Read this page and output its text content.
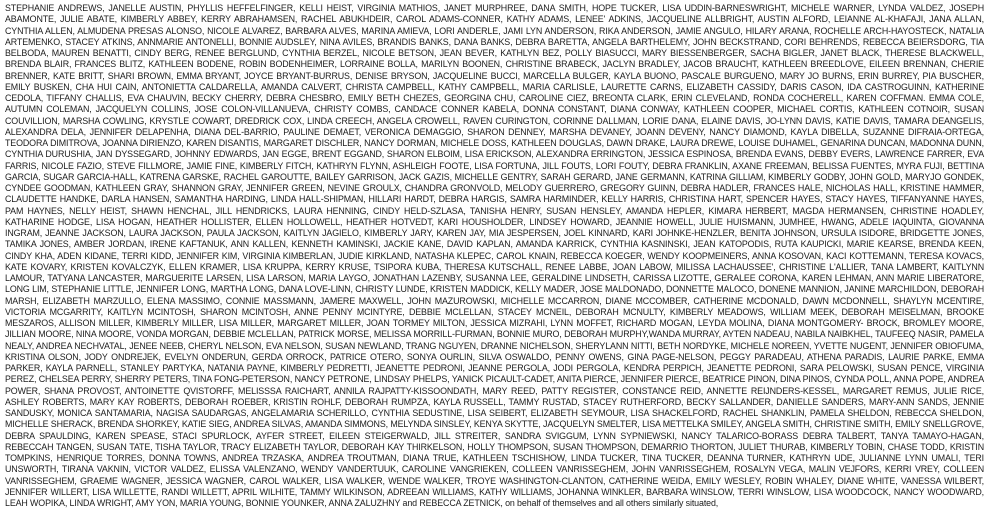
STEPHANIE ANDREWS, JANELLE AUSTIN, PHYLLIS HEFFELFINGER, KELLI HEIST, VIRGINIA MATHIOS, JANET MURPHREE, DANA SMITH, HOPE TUCKER, LISA UDDIN-BARNESWRIGHT, MICHELE WARNER, LYNDA VALDEZ, JOSEPH ABAMONTE, JULIE ABATE, KIMBERLY ABBEY, KERRY ABRAHAMSEN, RACHEL ABUKHDEIR, CAROL ADAMS-CONNER, KATHY ADAMS, LENEE' ADKINS, JACQUELINE ALLBRIGHT, AUSTIN ALFORD, LEIANNE AL-KHAFAJI, JANA ALLAN, CYNTHIA ALLEN, ALMUDENA PRESAS ALONSO, NICOLE ALVAREZ, BARBARA ALVES, MARINA AMIEVA, LORI ANDERLE, JAMI LYN ANDERSON, RIKA ANDERSON, JAMIE ANGULO, HILARY ARANA, ROCHELLE ARCH-HAYOSTECK, NATALIA ARTEMENKO, STACEY ATKINS, ANNMARIE ANTONELLI, BONNIE AUDSLEY, NINA AVILES, BRANDIS BANKS, DANA BANKS, DEBRA BARETTA, ANGELA BARTHELEMY, JOHN BECKSTRAND, CORI BEHRENDS, REBECCA BEIERSDORG, TIA BELBODA, MAUREN BENATTI, CINDY BERG, RENEE BERGLUND, CYNTHIA BERZEL, NICOLE BETSON, JEAN BEVER, KATHLYN BEZ, POLLY BIASUCCI, MARY BIESSENBERGER, SACHA BIGLER, JANET BLACK, THERESE BLACKWELL, BRENDA BLAIR, FRANCES BLITZ, KATHLEEN BODENE, ROBIN BODENHEIMER, LORRAINE BOLLA, MARILYN BOONEN, CHRISTINE BRABECK, JACLYN BRADLEY, JACOB BRAUCHT, KATHLEEN BREEDLOVE, EILEEN BRENNAN, CHERIE BRENNER, KATE BRITT, SHARI BROWN, EMMA BRYANT, JOYCE BRYANT-BURRUS, DENISE BRYSON, JACQUELINE BUCCI, MARCELLA BULGER, KAYLA BUONO, PASCALE BURGUENO, MARY JO BURNS, ERIN BURREY, PIA BUSCHER, EMILY BUSKEN, CHA HUI CAIN, ANTONIETTA CALDARELLA, AMANDA CALVERT, CHRISTA CAMPBELL, KATHY CAMPBELL, MARIA CARLISLE, LAURETTE CARNS, ELIZABETH CASSIDY, DARIS CASON, IDA CASTROGUINN, KATHERINE CEDOLA, TIFFANY CHALLIS, EVA CHAUVIN, BECKY CHERRY, DEBRA CHESBRO, EMILY BETH CHEZES, GEORGINA CHU, CAROLINE CIEZ, BREONTA CLARK, ERIN CLEVELAND, RONDA COCHERELL, KAREN COFFMAN. EMMA COLE, AUTUMN COLEMAN, JACQUELYN COLLINS, JOSE COLON-VILLANUEVA, CHRISTY COMBS, CANDACE CONNER KABELA, DONNA CONSTANT, DIANA CONWAY, KATHLEEN COOPER, MICHAEL CORTIS, KATHLEEN COTNOIR, SUSAN COUVILLION, MARSHA COWLING, KRYSTLE COWART, DREDRICK COX, LINDA CREECH, ANGELA CROWELL, RAVEN CURINGTON, CORINNE DALLMAN, LORIE DANA, ELAINE DAVIS, JO-LYNN DAVIS, KATIE DAVIS, TAMARA DEANGELIS, ALEXANDRA DELA, JENNIFER DELAPENHA, DIANA DEL-BARRIO, PAULINE DEMAET, VERONICA DEMAGGIO, SHARON DENNEY, MARSHA DEVANEY, JOANN DEVENY, NANCY DIAMOND, KAYLA DIBELLA, SUZANNE DIFRAIA-ORTEGA, TEODORA DIMITROVA, JOANNA DIRIENZO, KAREN DISANTIS, MARGARET DISCHLER, NANCY DORMAN, MICHELE DOSS, KATHLEEN DOUGLAS, DAWN DRAKE, LAURA DREWE, LOUISE DUHAMEL, GENARINA DUNCAN, MADONNA DUNN, CYNTHIA DURUSHIA, JAN DYSSEGARD, JOHNNY EDWARDS, JAN EGGE, BRENT EGGAND, SHARON ELBOIM, LISA ERICKSON, ALEXANDRA ERRINGTON, JESSICA ESPINOSA, BRENDA EVANS, DEBBY EVERS, LAWRENCE FARRER, EVA FARRIS, NICOLE FAZIO, STEVE FILLMORE, JAMIE FINE, KIMBERLY FITCH, KATHRYN FLYNN, ASHLEIGH FOOTE, LISA FORTUNA, JILL FOUTS, LORI FOUTY, DEBRA FRANKLIN, AXANE FREEMAN, BELISSA FUENTES, MYRA FUJI, BETTINA GARCIA, SUGAR GARCIA-HALL, KATRENA GARSKE, RACHEL GAROUTTE, BAILEY GARRISON, JACK GAZIS, MICHELLE GENTRY, SARAH GERARD, JANE GERMANN, KATRINA GILLIAM, KIMBERLY GODBY, JOHN GOLD, MARYJO GONDEK, CYNDEE GOODMAN, KATHLEEN GRAY, SHANNON GRAY, JENNIFER GREEN, NEVINE GROULX, CHANDRA GRONVOLD, MELODY GUERRERO, GREGORY GUINN, DEBRA HADLER, FRANCES HALE, NICHOLAS HALL, KRISTINE HAMMER, CLAUDETTE HANDKE, DARLA HANSEN, SAMANTHA HARDING, LINDA HALL-SHIPMAN, HILLARI HARDT, DEBRA HARGIS, SAMRA HARMINDER, KELLY HARRIS, CHRISTINA HART, SPENCER HAYES, STACY HAYES, TIFFANYANNE HAYES, PAM HAYNES, NELLY HEIST, SHAWN HENCHAL, JILL HENDRICKS, LAURA HENNING, CINDY HELD-SZLASA, TANISHA HENRY, SUSAN HENSLEY, AMANDA HEPLER, KIMARA HERBERT, MAGDA HERMANSEN, CHRISTINE HOADLEY, KATHARINE HODGE, LISA HOGAN, HEATHER HOLLISTER, ELLEN HOLLOWELL, HEATHER HOTVEDT, KARI HOUSHOLDER, LINDSEY HOWARD, JEANNIE HOWELL, JULIE HUISMANN, JUMHEE, HWANG, ADELE IAQUINTA, GIOVANNA INGRAM, JEANNE JACKSON, LAURA JACKSON, PAULA JACKSON, KAITLYN JAGIELO, KIMBERLY JARY, KAREN JAY, MIA JESPERSEN, JOEL KINNARD, KARI JOHNKE-HENZLER, BENITA JOHNSON, URSULA ISIDORE, BRIDGETTE JONES, TAMIKA JONES, AMBER JORDAN, IRENE KAFTANUK, ANN KALLEN, KENNETH KAMINSKI, JACKIE KANE, DAVID KAPLAN, AMANDA KARRICK, CYNTHIA KASNINSKI, JEAN KATOPODIS, RUTA KAUPICKI, MARIE KEARSE, BRENDA KEEN, CINDY KHA, ADEN KIDANE, TERRI KIDD, JENNIFER KIM, VIRGINIA KIMBERLAN, JUDIE KIRKLAND, NATASHA KLEPEC, CAROL KNAIN, REBECCA KOEGER, WENDY KOOPMEINERS, ANNA KOSOVAN, KACI KOTTEMANN, TERESA KOVACS, KATE KOVARY, KRISTEN KOVALCZYK, ELLEN KRAMER, LISA KRUPPA, KERRY KRUSE, TSIPORA KUBA, THERESA KUTSCHALL, RENEE LABBE, JOAN LABOW, MILISSA LACHAUSSEE', CHRISTINE L'ALLIER, TANA LAMBERT, KAITLYNN LAMOUR, TATYANA LANCASTER, MARGUERITE LARSEN, LISA LARSON, MARIA LAYGO, JONATHAN LAZENBY, SUSANNA LEE, GERALDINE LINDSETH, CARISSA LIZOTTE, GERALEE CORONA, KAREN LEHMAN, ANN MARIE LIBERATORE, LONG LIM, STEPHANIE LITTLE, JENNIFER LONG, MARTHA LONG, DANA LOVE-LINN, CHRISTY LUNDE, KRISTEN MADDICK, KELLY MADER, JOSE MALDONADO, DONNETTE MALOCO, DONENE MANNION, JANINE MARCHILDON, DEBORAH MARSH, ELIZABETH MARZULLO, ELENA MASSIMO, CONNIE MASSMANN, JAMERE MAXWELL, JOHN MAZUROWSKI, MICHELLE MCCARRON, DIANE MCCOMBER, CATHERINE MCDONALD, DAWN MCDONNELL, SHAYLYN MCENTIRE, VICTORIA MCGARRITY, KAITLYN MCINTOSH, SHARON MCINTOSH, ANNE PENNY MCINTYRE, DEBBIE MCLELLAN, STACEY MCNEIL, DEBORAH MCNULTY, KIMBERLY MEADOWS, WILLIAM MEEK, DEBORAH MEISELMAN, BROOKE MESZAROS, ALLISON MILLER, KIMBERLY MILLER, LISA MILLER, MARGARET MILLER, JOAN TORMEY MILTON, JESSICA MIZRAHI, LYNN MOFFET, RICHARD MOGAN, LEYDA MOLINA, DIANA MONTGOMERY- BROCK, BROMLEY MOORE, JILLIAN MOORE, NINA MOORE, VONDA MORGAN, DEBBIE MCLELLAN, PATRICK MORSE, MELISSA MORRILL-FURMAN, BONNIE MURO, DEBORAH MURPHY,WANDA MURRAY, AYTEN NADEAU, NABILA NAIBKHEL, TAUFEEQ NASIR, PAMELA NEALY, ANDREA NECHVATAL, JENEE NEEB, CHERYL NELSON, EVA NELSON, SUSAN NEWLAND, TRANG NGUYEN, DRANNE NICHELSON, SHERYLANN NITTI, BETH NORDYKE, MICHELE NOREEN, YVETTE NUGENT, JENNIFER OBIOFUMA, KRISTINA OLSON, JODY ONDREJEK, EVELYN ONDERUN, GERDA ORROCK, PATRICE OTERO, SONYA OURLIN, SILVA OSWALDO, PENNY OWENS, GINA PAGE-NELSON, PEGGY PARADEAU, ATHENA PARADIS, LAURIE PARKE, EMMA PARKER, KAYLA PARNELL, STANLEY PARTYKA, NATANIA PAYNE, KIMBERLY PEDRETTI, JEANETTE PEDRONI, JEANNE PERGOLA, JODI PERGOLA, KENDRA PERPICH, JEANETTE PEDRONI, SARA PELOWSKI, SUSAN PENCE, VIRGINIA PEREZ, CHELSEA PERRY, SHERRY PETERS, TINA FONG-PETERSON, NANCY PETRONE, LINDSAY PHELPS, YANICK PICAULT-CADET, ANITA PIERCE, JENNIFER PIERCE, BEATRICE PINON, DINA PINOS, CYNDA POLL, ANNA POPE, ANDREA POWER, SHANA PROVOST, ANTOINETTE QVISTORFF, MELISSSA RAICHART, ANNILA RAJPATTY-KISSOONDATH, MARY REED, PATTY REGISTER, CONSTANCE REID, ANNETTE REIJNDERS-KESSEL, MARGARET REMUS, JULIE RICE, ASHLEY ROBERTS, MARY KAY ROBERTS, DEBORAH ROEBER, KRISTIN ROHLF, DEBORAH RUMPZA, KAYLA RUSSELL, TAMMY RUSTAD, STACEY RUTHERFORD, BECKY SALLANDER, DANIELLE SANDERS, MARY-ANN SANDS, JENNIE SANDUSKY, MONICA SANTAMARIA, NAGISA SAUDARGAS, ANGELAMARIA SCHERILLO, CYNTHIA SEDUSTINE, LISA SEIBERT, ELIZABETH SEYMOUR, LISA SHACKELFORD, RACHEL SHANKLIN, PAMELA SHELDON, REBECCA SHELDON, MICHELLE SHERACK, BRENDA SHORKEY, KATIE SIEG, ANDREA SILVAS, AMANDA SIMMONS, MELYNDA SINSLEY, KENYA SKYTTE, JACQUELYN SMELTER, LISA METTELKA SMILEY, ANGELA SMITH, CHRISTINE SMITH, EMILY SNELLGROVE, DEBRA SPAULDING, KAREN SPEASE, STACI SPURLOCK, AYFER STREET, EILEEN STEIGERWALD, JILL STREITER, SANDRA SVIGGUM, LYNN SYPNIEWSKI, NANCY TALARICO-BORASS DEBRA TALBERT, TANYA TAMAYO-HAGAN, REBECCAH TANGEN, SUSAN TATE, TISHA TAYLOR, TRACY ELIZABETH TAYLOR, DEBORAH KAY THIRKELSON, HOLLY THOMPSON, SUSAN THOMPSON, DEMARRIO THORTON, JULIET THURAB, KIMBERLY TOBIN, CHASE TODD, KRISTIN TOMPKINS, HENRIQUE TORRES, DONNA TOWNS, ANDREA TRZASKA, ANDREA TROUTMAN, DIANA TRUE, KATHLEEN TSCHISHOW, LINDA TUCKER, TINA TUCKER, DEANNA TURNER, KATHRYN UDE, JULIANNE LYNN UMALI, TERI UNSWORTH, TIRANA VAKNIN, VICTOR VALDEZ, ELISSA VALENZANO, WENDY VANDERTUUK, CAROLINE VANGRIEKEN, COLLEEN VANRISSEGHEM, JOHN VANRISSEGHEM, ROSALYN VEGA, MALIN VEJFORS, KERRI VREY, COLLEEN VANRISSEGHEM, GRAEME WAGNER, JESSICA WAGNER, CAROL WALKER, LISA WALKER, WENDE WALKER, TROYE WASHINGTON-CLANTON, CATHERINE WEIDA, EMILY WESLEY, ROBIN WHALEY, DIANE WHITE, VANESSA WILBERT, JENNIFER WILLERT, LISA WILLETTE, RANDI WILLETT, APRIL WILHITE, TAMMY WILKINSON, ADREEAN WILLIAMS, KATHY WILLIAMS, JOHANNA WINKLER, BARBARA WINSLOW, TERRI WINSLOW, LISA WOODCOCK, NANCY WOODWARD, LEAH WOPIKA, LINDA WRIGHT, AMY YON, MARIA YOUNG, BONNIE YOUNKER, ANNA ZALUZHNY and REBECCA ZETNICK, on behalf of themselves and all others similarly situated,
